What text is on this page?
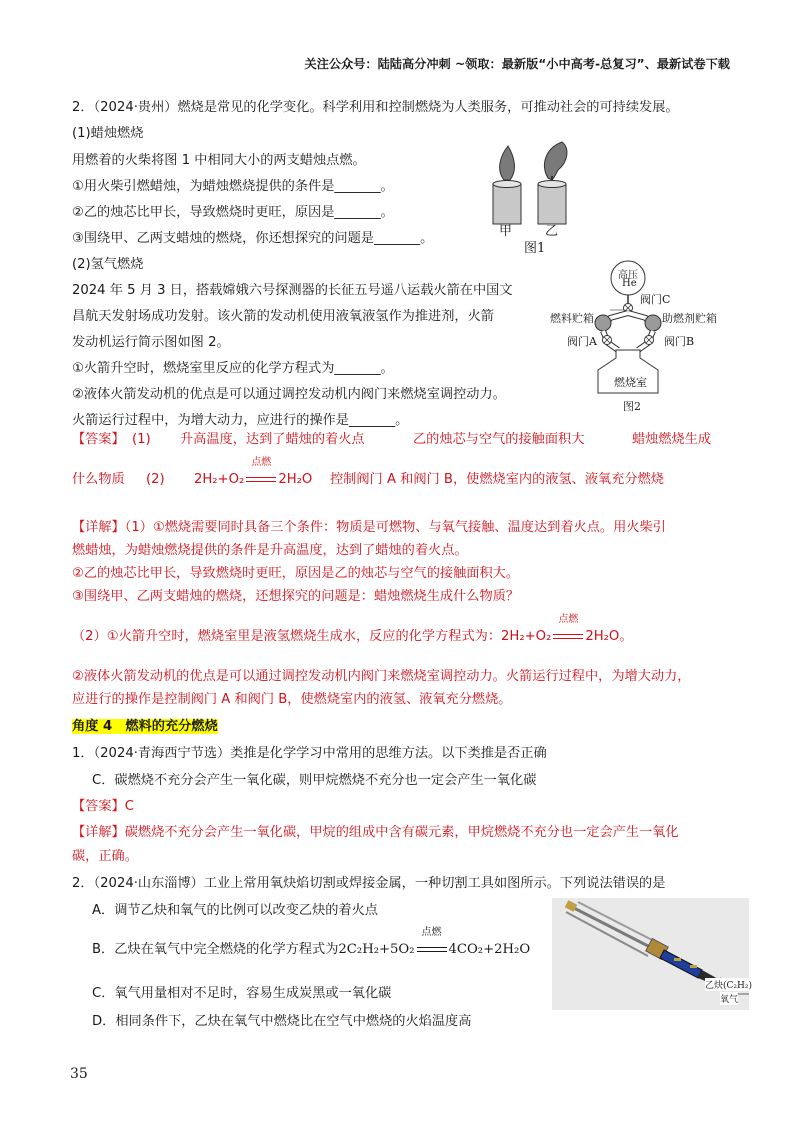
关注公众号：陆陆高分冲刺 ~领取：最新版“小中高考-总复习”、最新试卷下载
2．（2024·贵州）燃烧是常见的化学变化。科学利用和控制燃烧为人类服务，可推动社会的可持续发展。
(1)蜡烛燃烧
用燃着的火柴将图 1 中相同大小的两支蜡烛点燃。
①用火柴引燃蜡烛，为蜡烛燃烧提供的条件是_______。
②乙的烛芯比甲长，导致燃烧时更旺，原因是_______。
③围绕甲、乙两支蜡烛的燃烧，你还想探究的问题是_______。
(2)氢气燃烧
2024 年 5 月 3 日，搭载嫦娥六号探测器的长征五号遥八运载火箭在中国文
昌航天发射场成功发射。该火箭的发动机使用液氧液氢作为推进剂，火箭
发动机运行简示图如图 2。
①火箭升空时，燃烧室里反应的化学方程式为_______。
②液体火箭发动机的优点是可以通过调控发动机内阀门来燃烧室调控动力。
火箭运行过程中，为增大动力，应进行的操作是_______。
甲	乙
图1
高压
He
阀门C
燃料贮箱	助燃剂贮箱
阀门A	阀门B
燃烧室
图2
【答案】 (1) 升高温度，达到了蜡烛的着火点	乙的烛芯与空气的接触面积大	蜡烛燃烧生成
什么物质 (2) 2H₂+O₂
点燃
2H₂O 控制阀门 A 和阀门 B，使燃烧室内的液氢、液氧充分燃烧
【详解】（1）①燃烧需要同时具备三个条件：物质是可燃物、与氧气接触、温度达到着火点。用火柴引
燃蜡烛，为蜡烛燃烧提供的条件是升高温度，达到了蜡烛的着火点。
②乙的烛芯比甲长，导致燃烧时更旺，原因是乙的烛芯与空气的接触面积大。
③围绕甲、乙两支蜡烛的燃烧，还想探究的问题是：蜡烛燃烧生成什么物质？
（2）①火箭升空时，燃烧室里是液氢燃烧生成水，反应的化学方程式为：2H₂+O₂
点燃
2H₂O。
②液体火箭发动机的优点是可以通过调控发动机内阀门来燃烧室调控动力。火箭运行过程中，为增大动力，
应进行的操作是控制阀门 A 和阀门 B，使燃烧室内的液氢、液氧充分燃烧。
角度 4　燃料的充分燃烧
1．（2024·青海西宁节选）类推是化学学习中常用的思维方法。以下类推是否正确
C．碳燃烧不充分会产生一氧化碳，则甲烷燃烧不充分也一定会产生一氧化碳
【答案】C
【详解】碳燃烧不充分会产生一氧化碳，甲烷的组成中含有碳元素，甲烷燃烧不充分也一定会产生一氧化
碳，正确。
2．（2024·山东淄博）工业上常用氧炔焰切割或焊接金属，一种切割工具如图所示。下列说法错误的是
A．调节乙炔和氧气的比例可以改变乙炔的着火点
B．乙炔在氧气中完全燃烧的化学方程式为2C₂H₂+5O₂
点燃
4CO₂+2H₂O
C．氧气用量相对不足时，容易生成炭黑或一氧化碳
D．相同条件下，乙炔在氧气中燃烧比在空气中燃烧的火焰温度高
乙炔(C₂H₂)
氧气
35
